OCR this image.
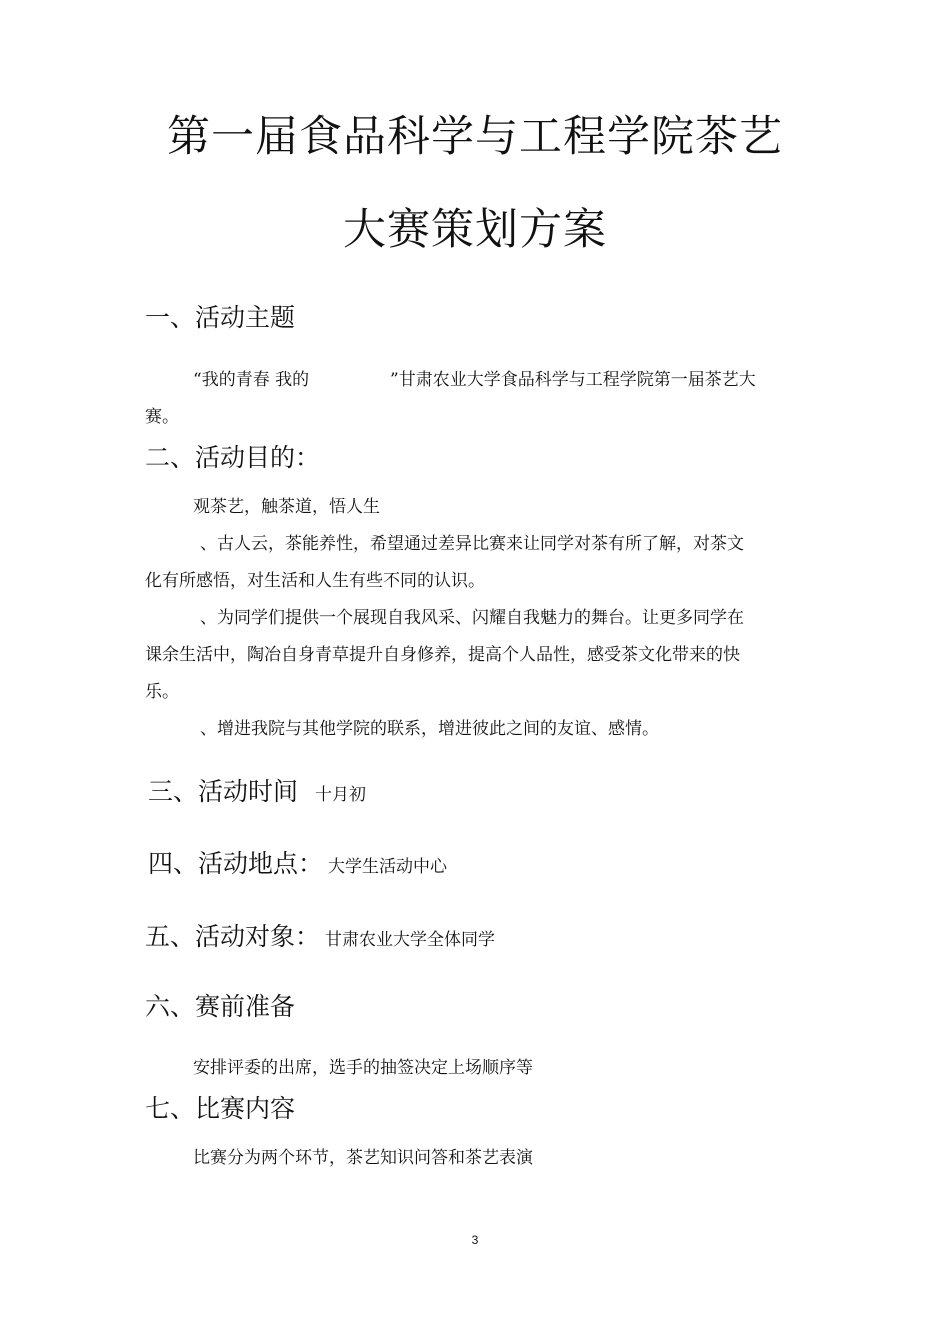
第一届食品科学与工程学院茶艺
大赛策划方案
一、活动主题
“我的青春 我的	”甘肃农业大学食品科学与工程学院第一届茶艺大
赛。
二、活动目的：
观茶艺，触茶道，悟人生
、古人云，茶能养性，希望通过差异比赛来让同学对茶有所了解，对茶文
化有所感悟，对生活和人生有些不同的认识。
、为同学们提供一个展现自我风采、闪耀自我魅力的舞台。让更多同学在
课余生活中，陶冶自身青草提升自身修养，提高个人品性，感受茶文化带来的快
乐。
、增进我院与其他学院的联系，增进彼此之间的友谊、感情。
三、活动时间 十月初
四、活动地点： 大学生活动中心
五、活动对象： 甘肃农业大学全体同学
六、赛前准备
安排评委的出席，选手的抽签决定上场顺序等
七、比赛内容
比赛分为两个环节，茶艺知识问答和茶艺表演
3
